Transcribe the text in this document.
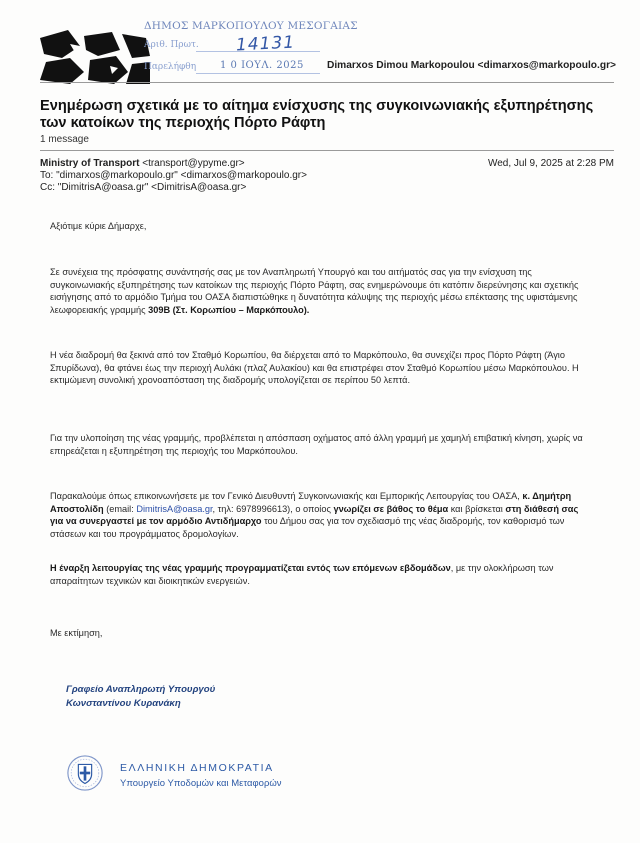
ΔΗΜΟΣ ΜΑΡΚΟΠΟΥΛΟΥ ΜΕΣΟΓΑΙΑΣ
Αριθ. Πρωτ. 14131
Παρελήφθη 1 0 ΙΟΥΛ. 2025	Dimarxos Dimou Markopoulou <dimarxos@markopoulo.gr>
Ενημέρωση σχετικά με το αίτημα ενίσχυσης της συγκοινωνιακής εξυπηρέτησης των κατοίκων της περιοχής Πόρτο Ράφτη
1 message
Ministry of Transport <transport@ypyme.gr>	Wed, Jul 9, 2025 at 2:28 PM
To: "dimarxos@markopoulo.gr" <dimarxos@markopoulo.gr>
Cc: "DimitrisA@oasa.gr" <DimitrisA@oasa.gr>
Αξιότιμε κύριε Δήμαρχε,
Σε συνέχεια της πρόσφατης συνάντησής σας με τον Αναπληρωτή Υπουργό και του αιτήματός σας για την ενίσχυση της συγκοινωνιακής εξυπηρέτησης των κατοίκων της περιοχής Πόρτο Ράφτη, σας ενημερώνουμε ότι κατόπιν διερεύνησης και σχετικής εισήγησης από το αρμόδιο Τμήμα του ΟΑΣΑ διαπιστώθηκε η δυνατότητα κάλυψης της περιοχής μέσω επέκτασης της υφιστάμενης λεωφορειακής γραμμής 309Β (Στ. Κορωπίου – Μαρκόπουλο).
Η νέα διαδρομή θα ξεκινά από τον Σταθμό Κορωπίου, θα διέρχεται από το Μαρκόπουλο, θα συνεχίζει προς Πόρτο Ράφτη (Άγιο Σπυρίδωνα), θα φτάνει έως την περιοχή Αυλάκι (πλαζ Αυλακίου) και θα επιστρέφει στον Σταθμό Κορωπίου μέσω Μαρκόπουλου. Η εκτιμώμενη συνολική χρονοαπόσταση της διαδρομής υπολογίζεται σε περίπου 50 λεπτά.
Για την υλοποίηση της νέας γραμμής, προβλέπεται η απόσπαση οχήματος από άλλη γραμμή με χαμηλή επιβατική κίνηση, χωρίς να επηρεάζεται η εξυπηρέτηση της περιοχής του Μαρκόπουλου.
Παρακαλούμε όπως επικοινωνήσετε με τον Γενικό Διευθυντή Συγκοινωνιακής και Εμπορικής Λειτουργίας του ΟΑΣΑ, κ. Δημήτρη Αποστολίδη (email: DimitrisA@oasa.gr, τηλ: 6978996613), ο οποίος γνωρίζει σε βάθος το θέμα και βρίσκεται στη διάθεσή σας για να συνεργαστεί με τον αρμόδιο Αντιδήμαρχο του Δήμου σας για τον σχεδιασμό της νέας διαδρομής, τον καθορισμό των στάσεων και του προγράμματος δρομολογίων.
Η έναρξη λειτουργίας της νέας γραμμής προγραμματίζεται εντός των επόμενων εβδομάδων, με την ολοκλήρωση των απαραίτητων τεχνικών και διοικητικών ενεργειών.
Με εκτίμηση,
Γραφείο Αναπληρωτή Υπουργού
Κωνσταντίνου Κυρανάκη
ΕΛΛΗΝΙΚΗ ΔΗΜΟΚΡΑΤΙΑ
Υπουργείο Υποδομών και Μεταφορών
